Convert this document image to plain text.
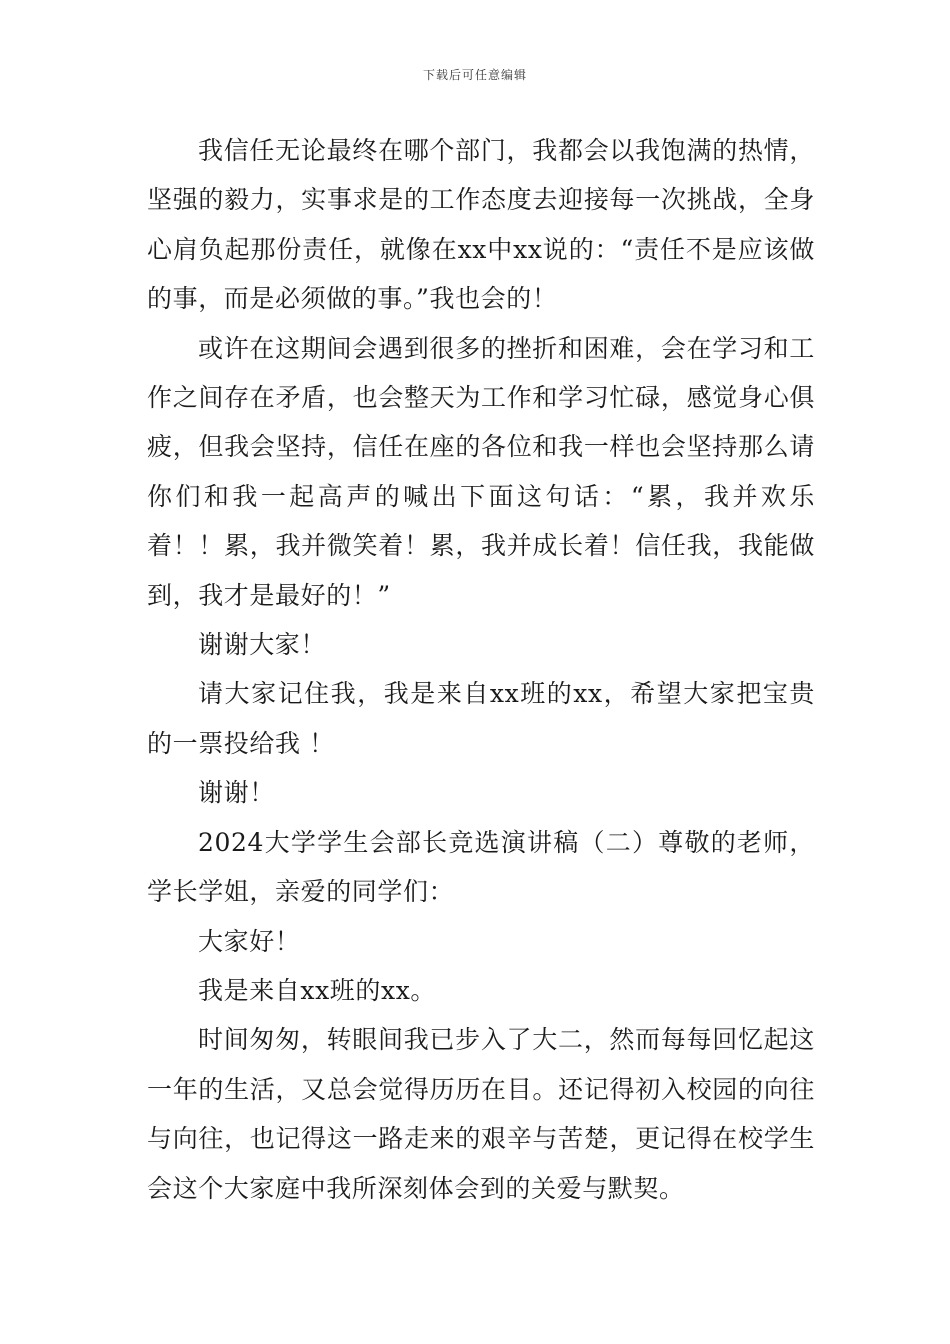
下载后可任意编辑

我信任无论最终在哪个部门，我都会以我饱满的热情，坚强的毅力，实事求是的工作态度去迎接每一次挑战，全身心肩负起那份责任，就像在xx中xx说的：“责任不是应该做的事，而是必须做的事。”我也会的！

或许在这期间会遇到很多的挫折和困难，会在学习和工作之间存在矛盾，也会整天为工作和学习忙碌，感觉身心俱疲，但我会坚持，信任在座的各位和我一样也会坚持那么请你们和我一起高声的喊出下面这句话：“累，我并欢乐着！！累，我并微笑着！累，我并成长着！信任我，我能做到，我才是最好的！”

谢谢大家！

请大家记住我，我是来自xx班的xx，希望大家把宝贵的一票投给我 ！

谢谢！

2024大学学生会部长竞选演讲稿（二）尊敬的老师，学长学姐，亲爱的同学们：

大家好！

我是来自xx班的xx。

时间匆匆，转眼间我已步入了大二，然而每每回忆起这一年的生活，又总会觉得历历在目。还记得初入校园的向往与向往，也记得这一路走来的艰辛与苦楚，更记得在校学生会这个大家庭中我所深刻体会到的关爱与默契。
